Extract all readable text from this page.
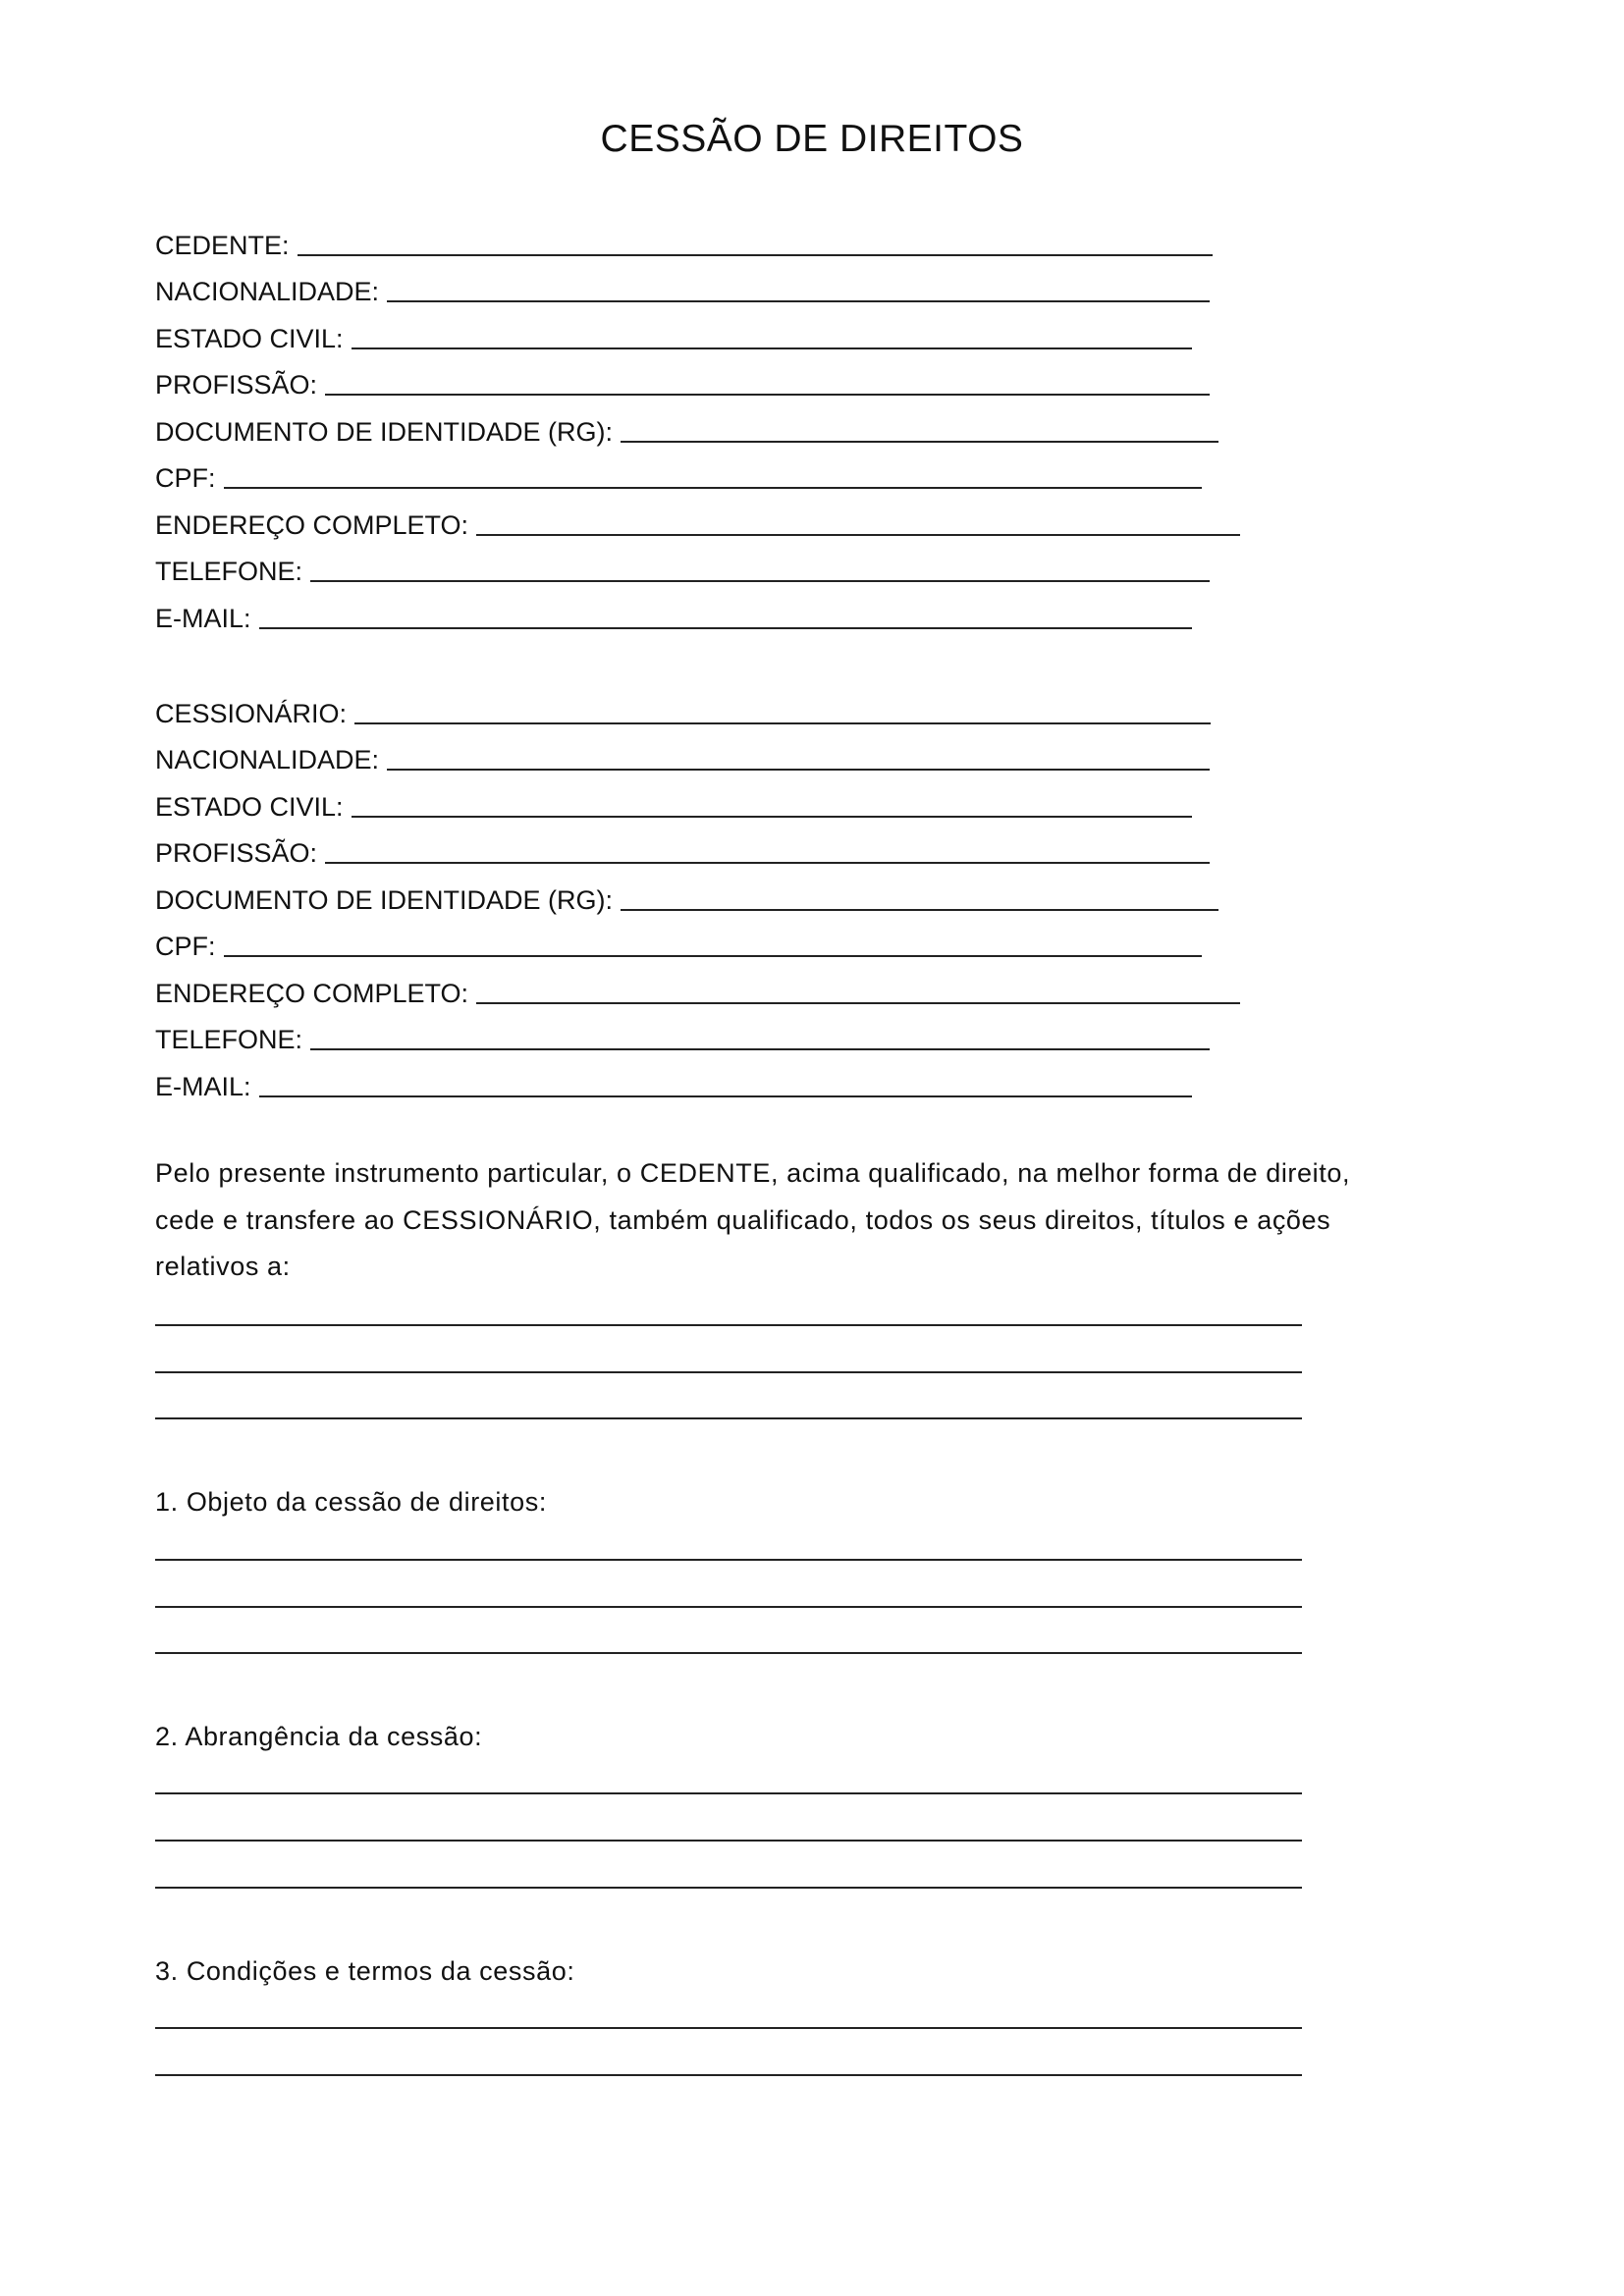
CESSÃO DE DIREITOS
CEDENTE:
NACIONALIDADE:
ESTADO CIVIL:
PROFISSÃO:
DOCUMENTO DE IDENTIDADE (RG):
CPF:
ENDEREÇO COMPLETO:
TELEFONE:
E-MAIL:
CESSIONÁRIO:
NACIONALIDADE:
ESTADO CIVIL:
PROFISSÃO:
DOCUMENTO DE IDENTIDADE (RG):
CPF:
ENDEREÇO COMPLETO:
TELEFONE:
E-MAIL:
Pelo presente instrumento particular, o CEDENTE, acima qualificado, na melhor forma de direito,
cede e transfere ao CESSIONÁRIO, também qualificado, todos os seus direitos, títulos e ações
relativos a:
1. Objeto da cessão de direitos:
2. Abrangência da cessão:
3. Condições e termos da cessão:
